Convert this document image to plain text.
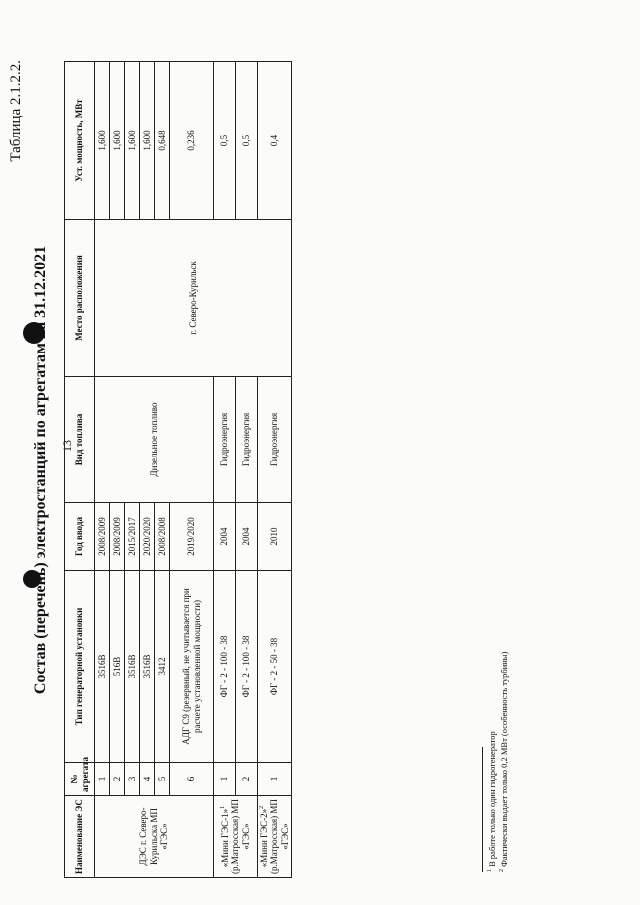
13
Таблица 2.1.2.2.
Состав (перечень) электростанций по агрегатам на 31.12.2021
Наименование ЭС	№ агрегата	Тип генераторной установки	Год ввода	Вид топлива	Место расположения	Уст. мощность, МВт
ДЭС г. Северо-Курильска МП «ГЭС»	1	3516В	2008/2009	Дизельное топливо	г. Северо-Курильск	1,600
	2	516В	2008/2009			1,600
	3	3516В	2015/2017			1,600
	4	3516В	2020/2020			1,600
	5	3412	2008/2008			0,648
	6	АДГ С9 (резервный, не учитывается при расчете установленной мощности)	2019/2020			0,236
«Мини ГЭС-1»$^1$ (р.Матросская) МП «ГЭС»	1	ФГ - 2 - 100 - 38	2004	Гидроэнергия		0,5
	2	ФГ - 2 - 100 - 38	2004	Гидроэнергия		0,5
«Мини ГЭС-2»$^2$ (р.Матросская) МП «ГЭС»	1	ФГ - 2 - 50 - 38	2010	Гидроэнергия		0,4
$^1$ В работе только один гидрогенератор
$^2$ Фактически выдает только 0,2 МВт (особенность турбины)
